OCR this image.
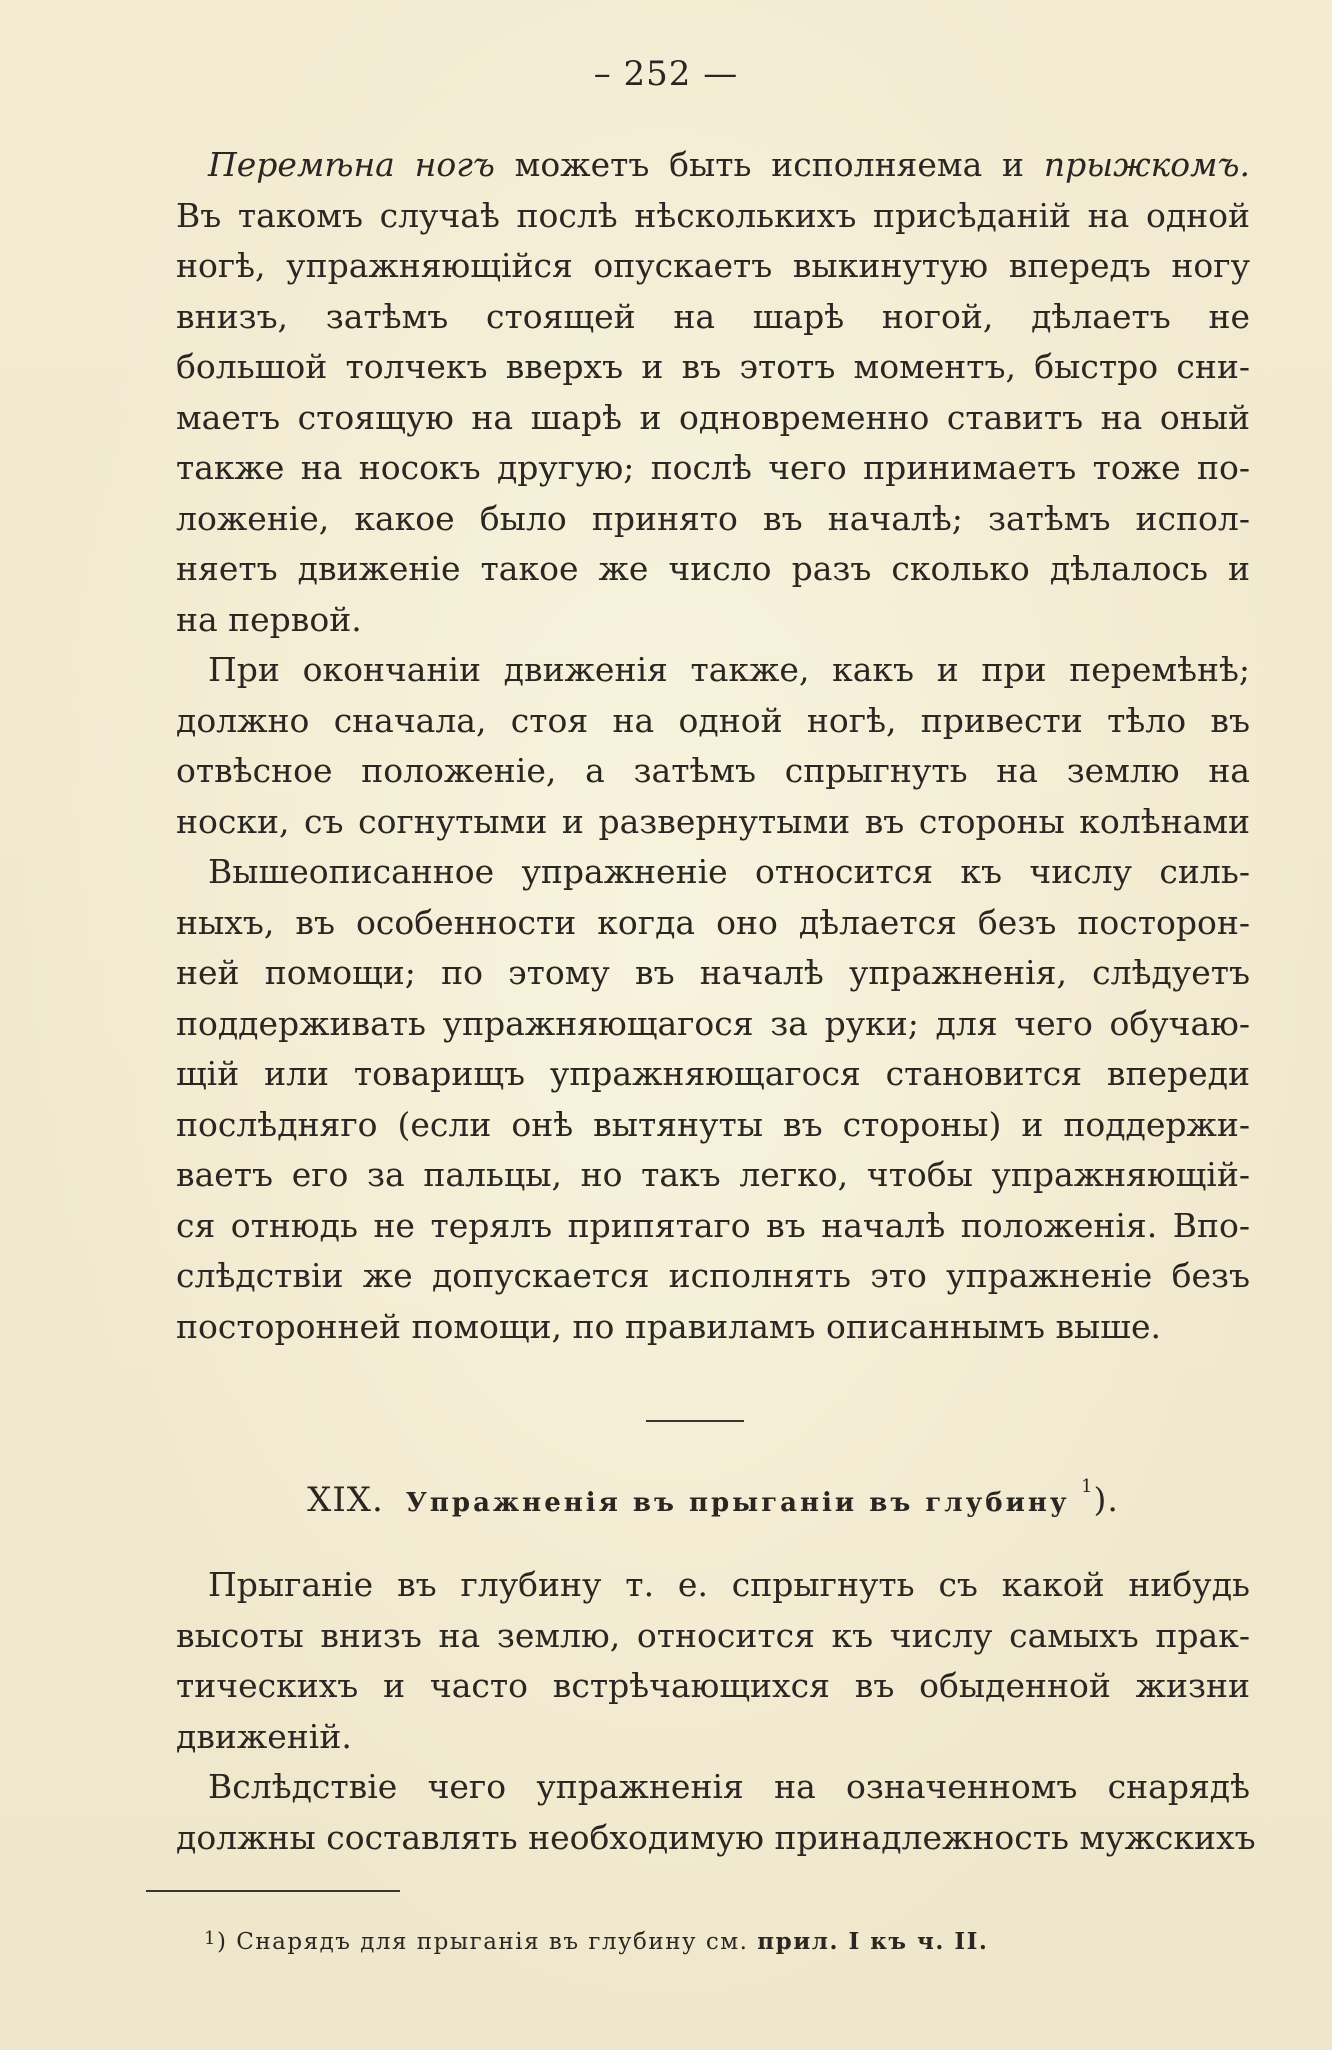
– 252 —
Перемѣна ногъ можетъ быть исполняема и прыжкомъ.
Въ такомъ случаѣ послѣ нѣсколькихъ присѣданій на одной
ногѣ, упражняющійся опускаетъ выкинутую впередъ ногу
внизъ, затѣмъ стоящей на шарѣ ногой, дѣлаетъ не
большой толчекъ вверхъ и въ этотъ моментъ, быстро сни-
маетъ стоящую на шарѣ и одновременно ставитъ на оный
также на носокъ другую; послѣ чего принимаетъ тоже по-
ложеніе, какое было принято въ началѣ; затѣмъ испол-
няетъ движеніе такое же число разъ сколько дѣлалось и
на первой.
При окончаніи движенія также, какъ и при перемѣнѣ;
должно сначала, стоя на одной ногѣ, привести тѣло въ
отвѣсное положеніе, а затѣмъ спрыгнуть на землю на
носки, съ согнутыми и развернутыми въ стороны колѣнами
Вышеописанное упражненіе относится къ числу силь-
ныхъ, въ особенности когда оно дѣлается безъ посторон-
ней помощи; по этому въ началѣ упражненія, слѣдуетъ
поддерживать упражняющагося за руки; для чего обучаю-
щій или товарищъ упражняющагося становится впереди
послѣдняго (если онѣ вытянуты въ стороны) и поддержи-
ваетъ его за пальцы, но такъ легко, чтобы упражняющій-
ся отнюдь не терялъ припятаго въ началѣ положенія. Впо-
слѣдствіи же допускается исполнять это упражненіе безъ
посторонней помощи, по правиламъ описаннымъ выше.
XIX. Упражненія въ прыганіи въ глубину $^1$).
Прыганіе въ глубину т. е. спрыгнуть съ какой нибудь
высоты внизъ на землю, относится къ числу самыхъ прак-
тическихъ и часто встрѣчающихся въ обыденной жизни
движеній.
Вслѣдствіе чего упражненія на означенномъ снарядѣ
должны составлять необходимую принадлежность мужскихъ
$^1$) Снарядъ для прыганія въ глубину см. прил. I къ ч. II.
